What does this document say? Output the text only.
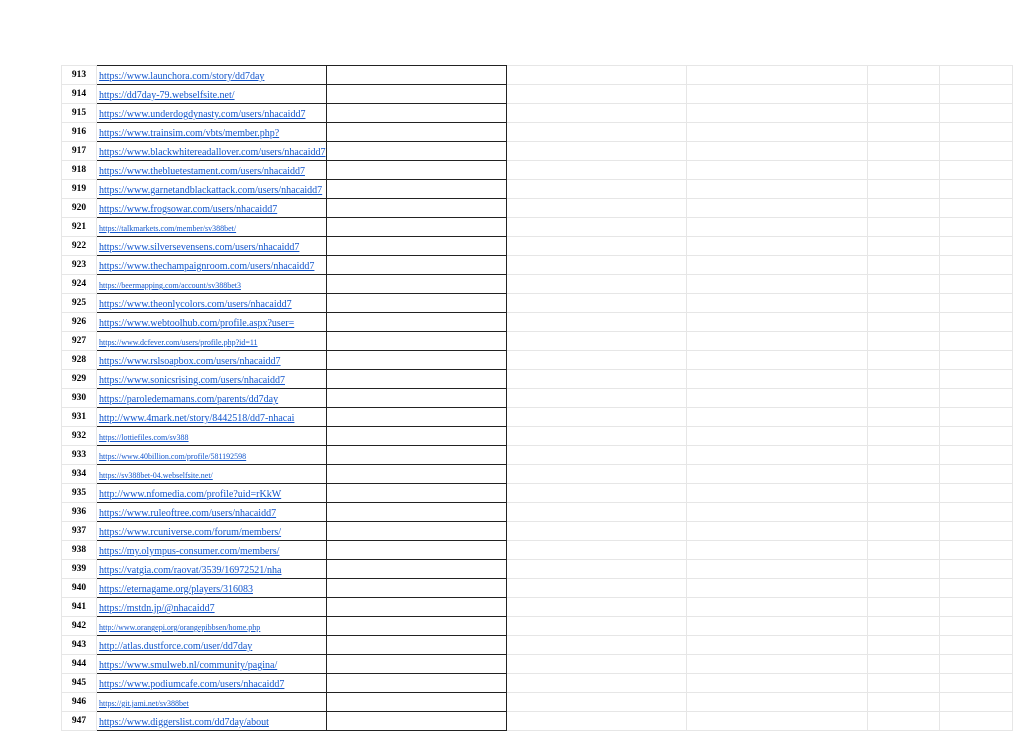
913	https://www.launchora.com/story/dd7day					
914	https://dd7day-79.webselfsite.net/					
915	https://www.underdogdynasty.com/users/nhacaidd7					
916	https://www.trainsim.com/vbts/member.php?					
917	https://www.blackwhitereadallover.com/users/nhacaidd7					
918	https://www.thebluetestament.com/users/nhacaidd7					
919	https://www.garnetandblackattack.com/users/nhacaidd7					
920	https://www.frogsowar.com/users/nhacaidd7					
921	https://talkmarkets.com/member/sv388bet/					
922	https://www.silversevensens.com/users/nhacaidd7					
923	https://www.thechampaignroom.com/users/nhacaidd7					
924	https://beermapping.com/account/sv388bet3					
925	https://www.theonlycolors.com/users/nhacaidd7					
926	https://www.webtoolhub.com/profile.aspx?user=					
927	https://www.dcfever.com/users/profile.php?id=11					
928	https://www.rslsoapbox.com/users/nhacaidd7					
929	https://www.sonicsrising.com/users/nhacaidd7					
930	https://paroledemamans.com/parents/dd7day					
931	http://www.4mark.net/story/8442518/dd7-nhacai					
932	https://lottiefiles.com/sv388					
933	https://www.40billion.com/profile/581192598					
934	https://sv388bet-04.webselfsite.net/					
935	http://www.nfomedia.com/profile?uid=rKkW					
936	https://www.ruleoftree.com/users/nhacaidd7					
937	https://www.rcuniverse.com/forum/members/					
938	https://my.olympus-consumer.com/members/					
939	https://vatgia.com/raovat/3539/16972521/nha					
940	https://eternagame.org/players/316083					
941	https://mstdn.jp/@nhacaidd7					
942	http://www.orangepi.org/orangepibbsen/home.php					
943	http://atlas.dustforce.com/user/dd7day					
944	https://www.smulweb.nl/community/pagina/					
945	https://www.podiumcafe.com/users/nhacaidd7					
946	https://git.jami.net/sv388bet					
947	https://www.diggerslist.com/dd7day/about					
